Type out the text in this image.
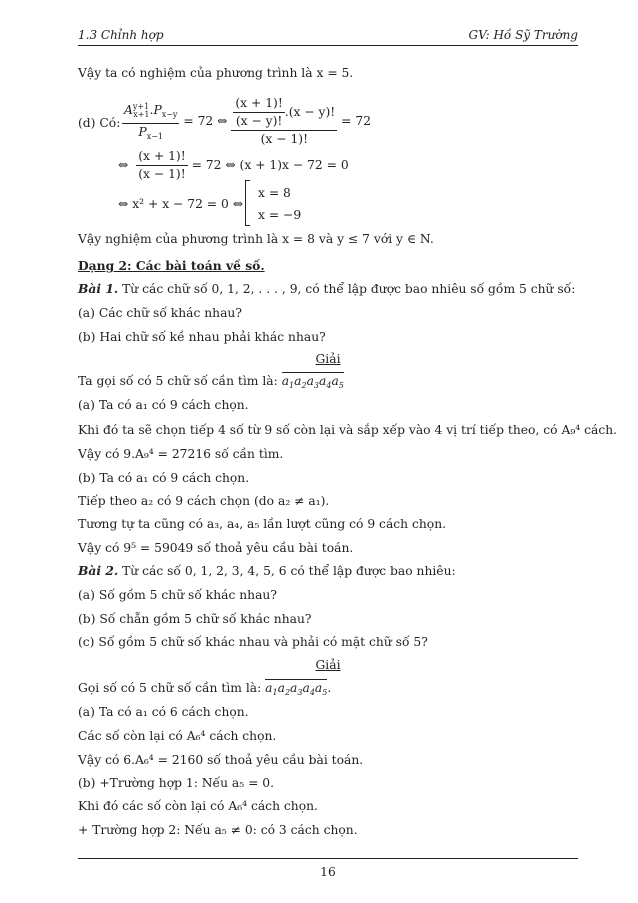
1.3 Chỉnh hợp	GV: Hồ Sỹ Trường
Vậy ta có nghiệm của phương trình là x = 5.
(d) Có: $\frac{A^{y+1}_{x+1}.P_{x-y}}{P_{x-1}} = 72$ ⇔ $\frac{\frac{(x + 1)!}{(x - y)!} .(x - y)!}{(x - 1)!} = 72$
⇔ $\frac{(x + 1)!}{(x - 1)!} = 72$ ⇔ (x + 1)x − 72 = 0
⇔ x² + x − 72 = 0 ⇔
x = 8
x = −9
Vậy nghiệm của phương trình là x = 8 và y ≤ 7 với y ∈ N.
Dạng 2: Các bài toán về số.
Bài 1. Từ các chữ số 0, 1, 2, . . . , 9, có thể lập được bao nhiêu số gồm 5 chữ số:
(a) Các chữ số khác nhau?
(b) Hai chữ số kề nhau phải khác nhau?
Giải
Ta gọi số có 5 chữ số cần tìm là: $a_1a_2a_3a_4a_5$
(a) Ta có a₁ có 9 cách chọn.
Khi đó ta sẽ chọn tiếp 4 số từ 9 số còn lại và sắp xếp vào 4 vị trí tiếp theo, có A₉⁴ cách.
Vậy có 9.A₉⁴ = 27216 số cần tìm.
(b) Ta có a₁ có 9 cách chọn.
Tiếp theo a₂ có 9 cách chọn (do a₂ ≠ a₁).
Tương tự ta cũng có a₃, a₄, a₅ lần lượt cũng có 9 cách chọn.
Vậy có 9⁵ = 59049 số thoả yêu cầu bài toán.
Bài 2. Từ các số 0, 1, 2, 3, 4, 5, 6 có thể lập được bao nhiêu:
(a) Số gồm 5 chữ số khác nhau?
(b) Số chẵn gồm 5 chữ số khác nhau?
(c) Số gồm 5 chữ số khác nhau và phải có mặt chữ số 5?
Giải
Gọi số có 5 chữ số cần tìm là: $a_1a_2a_3a_4a_5$.
(a) Ta có a₁ có 6 cách chọn.
Các số còn lại có A₆⁴ cách chọn.
Vậy có 6.A₆⁴ = 2160 số thoả yêu cầu bài toán.
(b) +Trường hợp 1: Nếu a₅ = 0.
Khi đó các số còn lại có A₆⁴ cách chọn.
+ Trường hợp 2: Nếu a₅ ≠ 0: có 3 cách chọn.
16
